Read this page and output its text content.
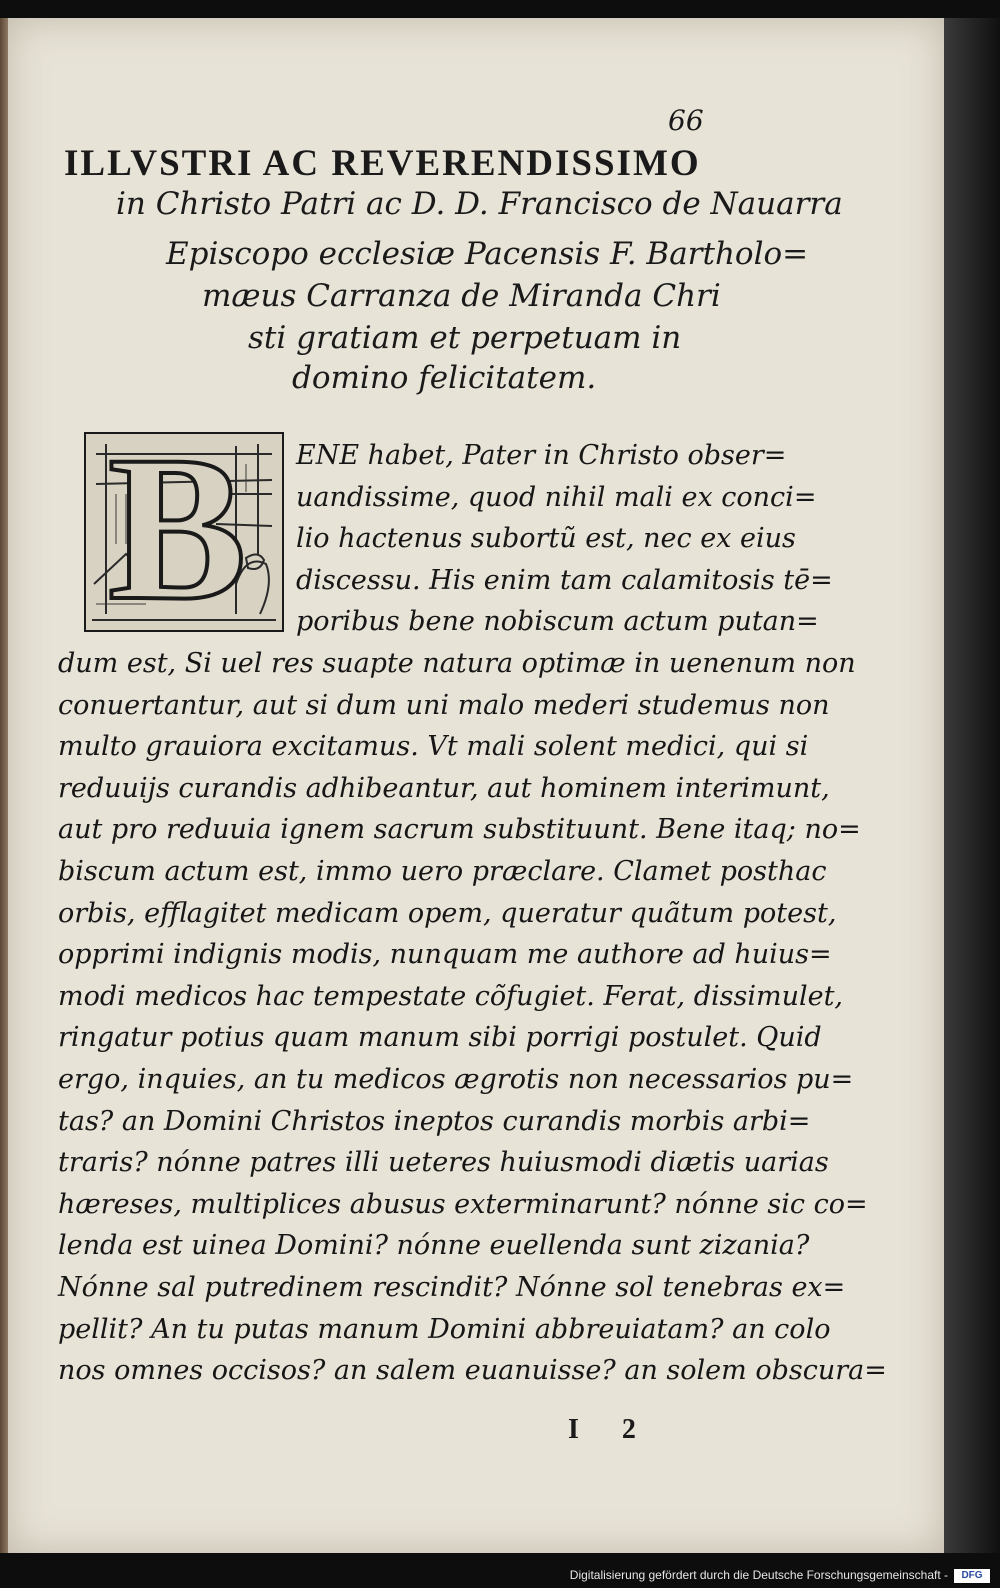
66
ILLVSTRI AC REVERENDISSIMO
in Christo Patri ac D. D. Francisco de Nauarra
Episcopo ecclesiæ Pacensis F. Bartholo=
mæus Carranza de Miranda Chri
sti gratiam et perpetuam in
domino felicitatem.
B ENE habet, Pater in Christo obser=
uandissime, quod nihil mali ex conci=
lio hactenus subortũ est, nec ex eius
discessu. His enim tam calamitosis tē=
poribus bene nobiscum actum putan=
dum est, Si uel res suapte natura optimæ in uenenum non
conuertantur, aut si dum uni malo mederi studemus non
multo grauiora excitamus. Vt mali solent medici, qui si
reduuijs curandis adhibeantur, aut hominem interimunt,
aut pro reduuia ignem sacrum substituunt. Bene itaq; no=
biscum actum est, immo uero præclare. Clamet posthac
orbis, efflagitet medicam opem, queratur quãtum potest,
opprimi indignis modis, nunquam me authore ad huius=
modi medicos hac tempestate cõfugiet. Ferat, dissimulet,
ringatur potius quam manum sibi porrigi postulet. Quid
ergo, inquies, an tu medicos ægrotis non necessarios pu=
tas? an Domini Christos ineptos curandis morbis arbi=
traris? nónne patres illi ueteres huiusmodi diætis uarias
hæreses, multiplices abusus exterminarunt? nónne sic co=
lenda est uinea Domini? nónne euellenda sunt zizania?
Nónne sal putredinem rescindit? Nónne sol tenebras ex=
pellit? An tu putas manum Domini abbreuiatam? an colo
nos omnes occisos? an salem euanuisse? an solem obscura=
I 2
Digitalisierung gefördert durch die Deutsche Forschungsgemeinschaft -	DFG
